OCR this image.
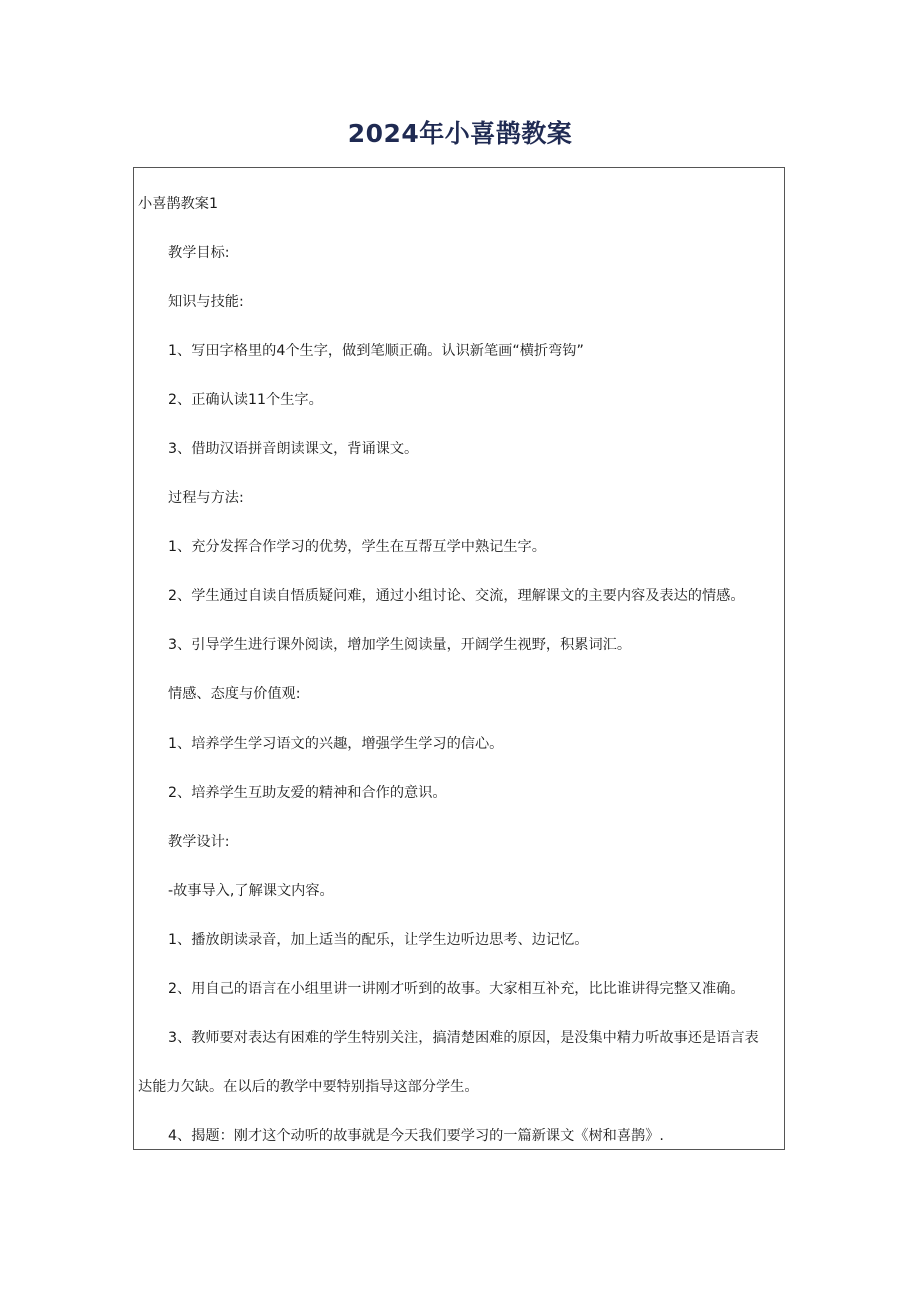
2024年小喜鹊教案

小喜鹊教案1

教学目标:

知识与技能:

1、写田字格里的4个生字，做到笔顺正确。认识新笔画“横折弯钩”

2、正确认读11个生字。

3、借助汉语拼音朗读课文，背诵课文。

过程与方法:

1、充分发挥合作学习的优势，学生在互帮互学中熟记生字。

2、学生通过自读自悟质疑问难，通过小组讨论、交流，理解课文的主要内容及表达的情感。

3、引导学生进行课外阅读，增加学生阅读量，开阔学生视野，积累词汇。

情感、态度与价值观:

1、培养学生学习语文的兴趣，增强学生学习的信心。

2、培养学生互助友爱的精神和合作的意识。

教学设计:

-故事导入,了解课文内容。

1、播放朗读录音，加上适当的配乐，让学生边听边思考、边记忆。

2、用自己的语言在小组里讲一讲刚才听到的故事。大家相互补充，比比谁讲得完整又准确。

3、教师要对表达有困难的学生特别关注，搞清楚困难的原因，是没集中精力听故事还是语言表

达能力欠缺。在以后的教学中要特别指导这部分学生。

4、揭题：刚才这个动听的故事就是今天我们要学习的一篇新课文《树和喜鹊》.
